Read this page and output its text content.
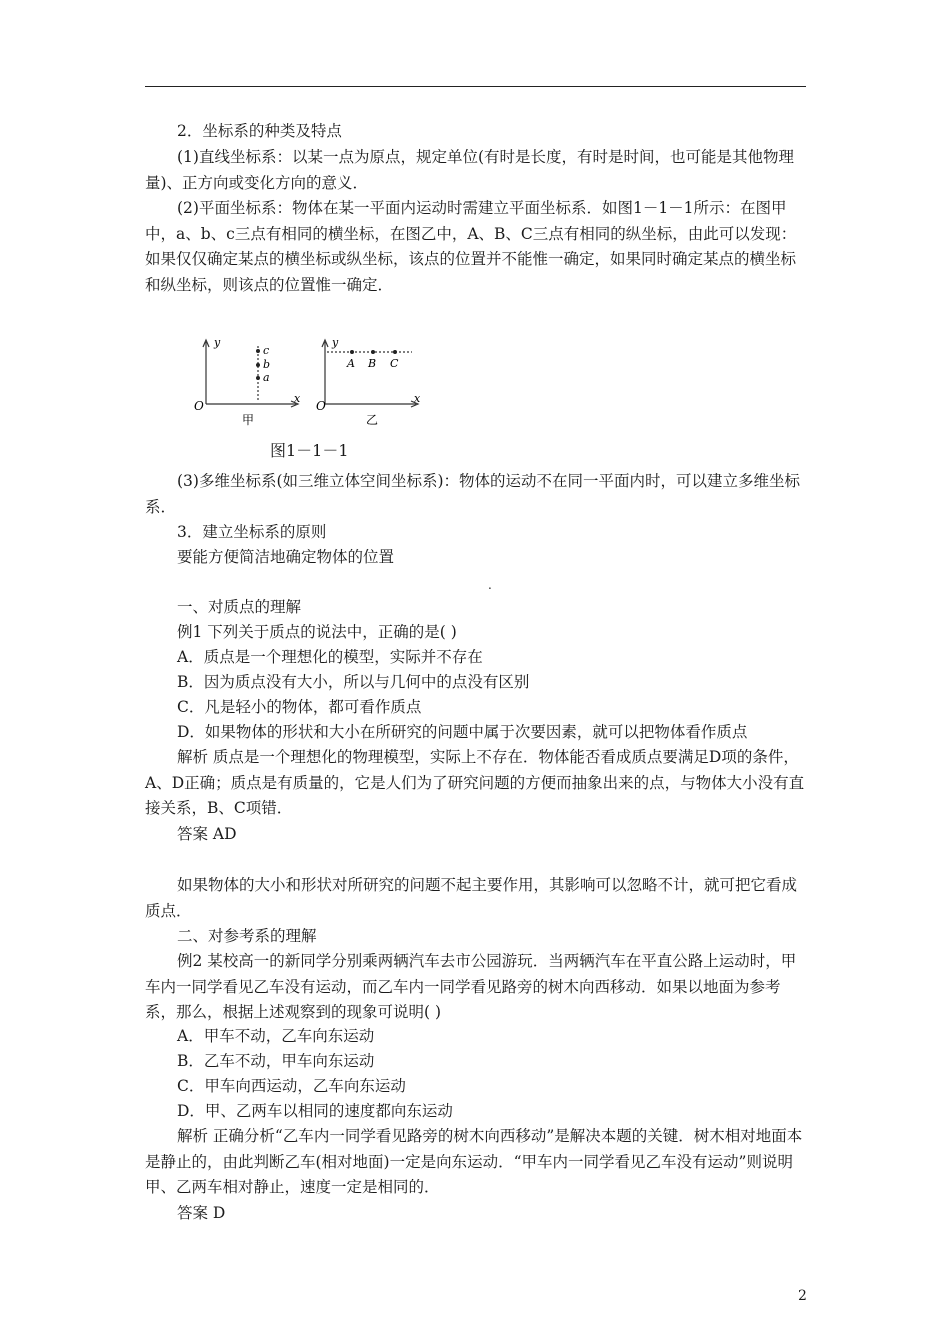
2．坐标系的种类及特点
(1)直线坐标系：以某一点为原点，规定单位(有时是长度，有时是时间，也可能是其他物理量)、正方向或变化方向的意义．
(2)平面坐标系：物体在某一平面内运动时需建立平面坐标系．如图1－1－1所示：在图甲中，a、b、c三点有相同的横坐标，在图乙中，A、B、C三点有相同的纵坐标，由此可以发现：如果仅仅确定某点的横坐标或纵坐标，该点的位置并不能惟一确定，如果同时确定某点的横坐标和纵坐标，则该点的位置惟一确定．
y
x
O
c
b
a
甲
y
x
O
A B C
乙
图1－1－1
(3)多维坐标系(如三维立体空间坐标系)：物体的运动不在同一平面内时，可以建立多维坐标系．
3．建立坐标系的原则
要能方便简洁地确定物体的位置
.
一、对质点的理解
例1 下列关于质点的说法中，正确的是( )
A．质点是一个理想化的模型，实际并不存在
B．因为质点没有大小，所以与几何中的点没有区别
C．凡是轻小的物体，都可看作质点
D．如果物体的形状和大小在所研究的问题中属于次要因素，就可以把物体看作质点
解析 质点是一个理想化的物理模型，实际上不存在．物体能否看成质点要满足D项的条件，A、D正确；质点是有质量的，它是人们为了研究问题的方便而抽象出来的点，与物体大小没有直接关系，B、C项错．
答案 AD
如果物体的大小和形状对所研究的问题不起主要作用，其影响可以忽略不计，就可把它看成质点．
二、对参考系的理解
例2 某校高一的新同学分别乘两辆汽车去市公园游玩．当两辆汽车在平直公路上运动时，甲车内一同学看见乙车没有运动，而乙车内一同学看见路旁的树木向西移动．如果以地面为参考系，那么，根据上述观察到的现象可说明( )
A．甲车不动，乙车向东运动
B．乙车不动，甲车向东运动
C．甲车向西运动，乙车向东运动
D．甲、乙两车以相同的速度都向东运动
解析 正确分析“乙车内一同学看见路旁的树木向西移动”是解决本题的关键．树木相对地面本是静止的，由此判断乙车(相对地面)一定是向东运动．“甲车内一同学看见乙车没有运动”则说明甲、乙两车相对静止，速度一定是相同的．
答案 D
2
